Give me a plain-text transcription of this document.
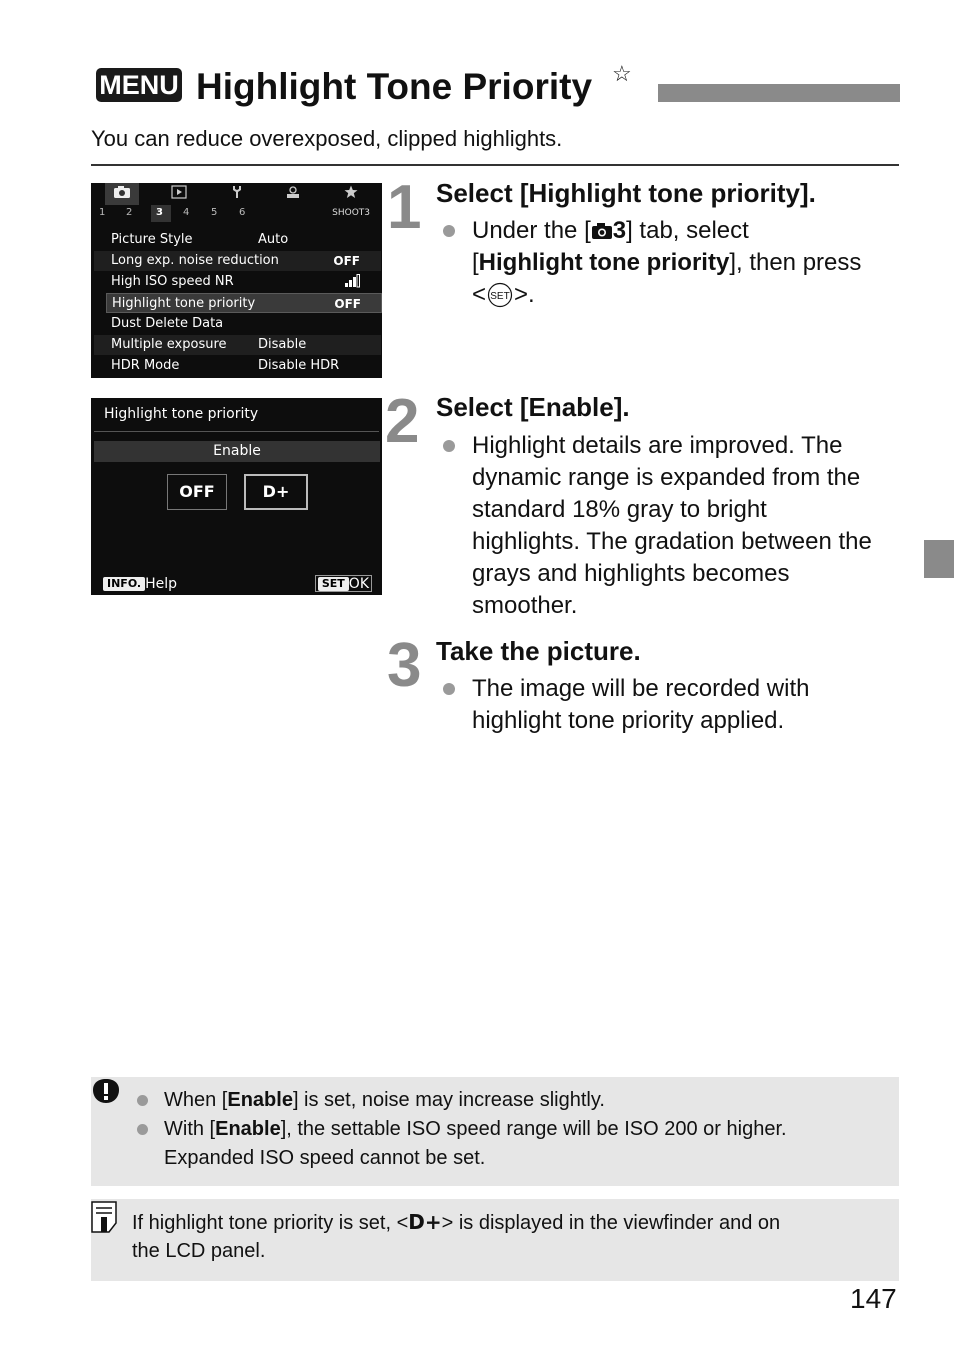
MENU Highlight Tone Priority ☆
You can reduce overexposed, clipped highlights.
1 2 3 4 5 6	SHOOT3
Picture Style	Auto
Long exp. noise reduction	OFF
High ISO speed NR
Highlight tone priority	OFF
Dust Delete Data
Multiple exposure Disable
HDR Mode	Disable HDR
Highlight tone priority
Enable
OFF	D+
INFO. Help	SET OK
1 Select [Highlight tone priority].
Under the [ 3] tab, select
[Highlight tone priority], then press
< SET >.
2 Select [Enable].
Highlight details are improved. The
dynamic range is expanded from the
standard 18% gray to bright
highlights. The gradation between the
grays and highlights becomes
smoother.
3 Take the picture.
The image will be recorded with
highlight tone priority applied.
When [Enable] is set, noise may increase slightly.
With [Enable], the settable ISO speed range will be ISO 200 or higher.
Expanded ISO speed cannot be set.
If highlight tone priority is set, <D+> is displayed in the viewfinder and on
the LCD panel.
147
